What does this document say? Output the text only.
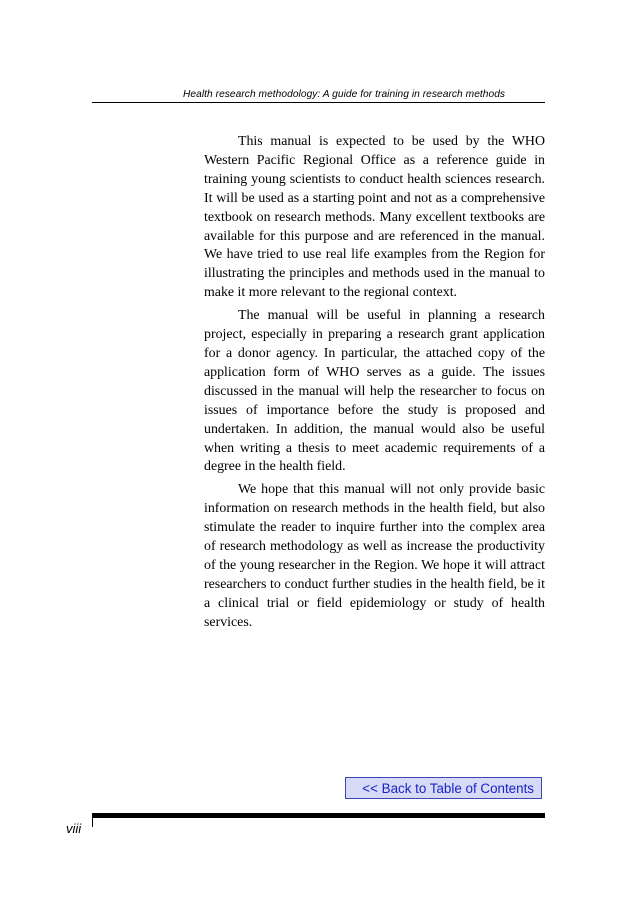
Health research methodology: A guide for training in research methods

This manual is expected to be used by the WHO Western Pacific Regional Office as a reference guide in training young scientists to conduct health sciences research. It will be used as a starting point and not as a comprehensive textbook on research methods. Many excellent textbooks are available for this purpose and are referenced in the manual. We have tried to use real life examples from the Region for illustrating the principles and methods used in the manual to make it more relevant to the regional context.

The manual will be useful in planning a research project, especially in preparing a research grant application for a donor agency. In particular, the attached copy of the application form of WHO serves as a guide. The issues discussed in the manual will help the researcher to focus on issues of importance before the study is proposed and undertaken. In addition, the manual would also be useful when writing a thesis to meet academic requirements of a degree in the health field.

We hope that this manual will not only provide basic information on research methods in the health field, but also stimulate the reader to inquire further into the complex area of research methodology as well as increase the productivity of the young researcher in the Region. We hope it will attract researchers to conduct further studies in the health field, be it a clinical trial or field epidemiology or study of health services.

<< Back to Table of Contents
viii
